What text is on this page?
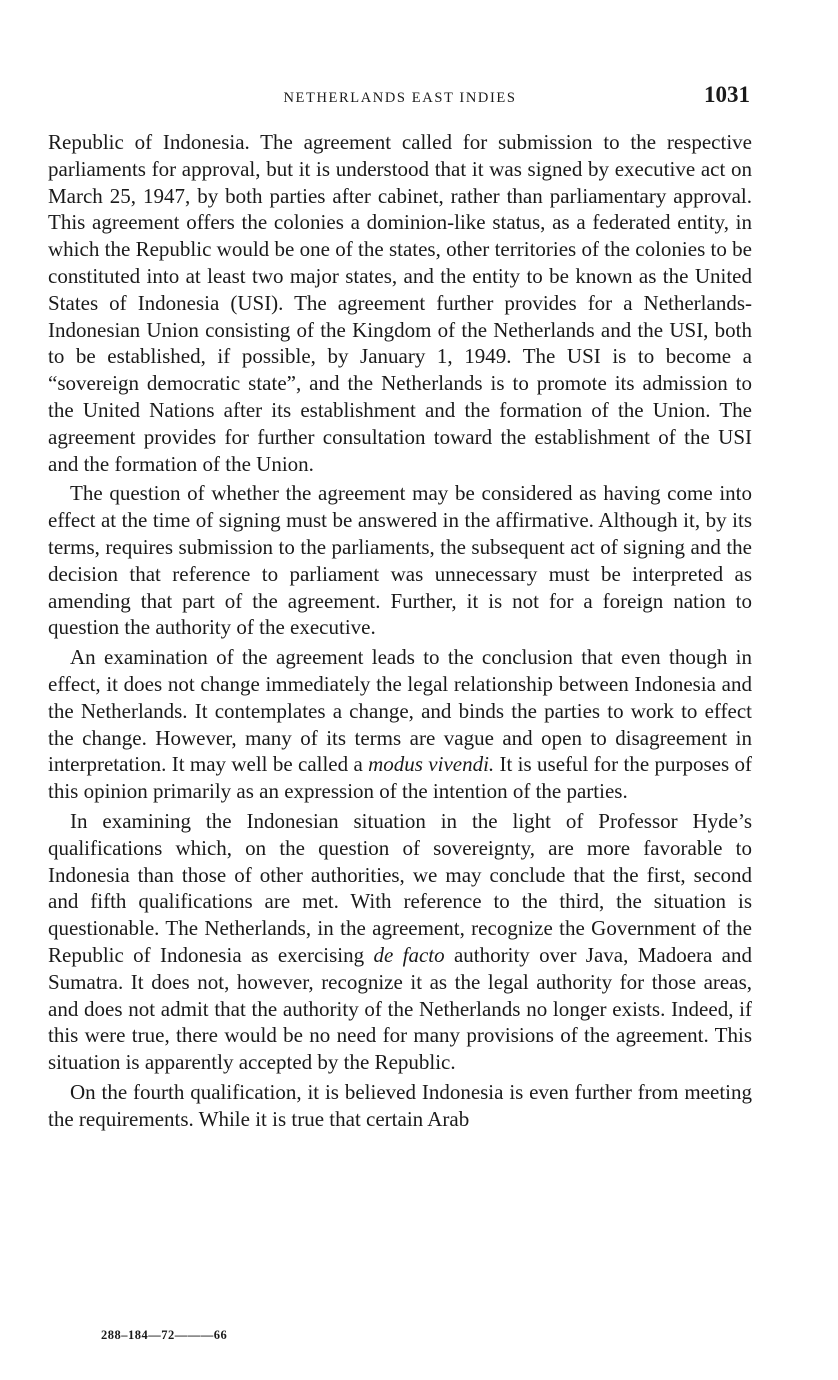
NETHERLANDS EAST INDIES	1031

Republic of Indonesia. The agreement called for submission to the respective parliaments for approval, but it is understood that it was signed by executive act on March 25, 1947, by both parties after cabinet, rather than parliamentary approval. This agreement offers the colonies a dominion-like status, as a federated entity, in which the Republic would be one of the states, other territories of the colonies to be constituted into at least two major states, and the entity to be known as the United States of Indonesia (USI). The agreement further provides for a Netherlands-Indonesian Union consisting of the Kingdom of the Netherlands and the USI, both to be established, if possible, by January 1, 1949. The USI is to become a “sovereign democratic state”, and the Netherlands is to promote its admission to the United Nations after its establishment and the formation of the Union. The agreement provides for further consultation toward the establishment of the USI and the formation of the Union.

The question of whether the agreement may be considered as having come into effect at the time of signing must be answered in the affirmative. Although it, by its terms, requires submission to the parliaments, the subsequent act of signing and the decision that reference to parliament was unnecessary must be interpreted as amending that part of the agreement. Further, it is not for a foreign nation to question the authority of the executive.

An examination of the agreement leads to the conclusion that even though in effect, it does not change immediately the legal relationship between Indonesia and the Netherlands. It contemplates a change, and binds the parties to work to effect the change. However, many of its terms are vague and open to disagreement in interpretation. It may well be called a modus vivendi. It is useful for the purposes of this opinion primarily as an expression of the intention of the parties.

In examining the Indonesian situation in the light of Professor Hyde’s qualifications which, on the question of sovereignty, are more favorable to Indonesia than those of other authorities, we may conclude that the first, second and fifth qualifications are met. With reference to the third, the situation is questionable. The Netherlands, in the agreement, recognize the Government of the Republic of Indonesia as exercising de facto authority over Java, Madoera and Sumatra. It does not, however, recognize it as the legal authority for those areas, and does not admit that the authority of the Netherlands no longer exists. Indeed, if this were true, there would be no need for many provisions of the agreement. This situation is apparently accepted by the Republic.

On the fourth qualification, it is believed Indonesia is even further from meeting the requirements. While it is true that certain Arab

288–184—72———66
